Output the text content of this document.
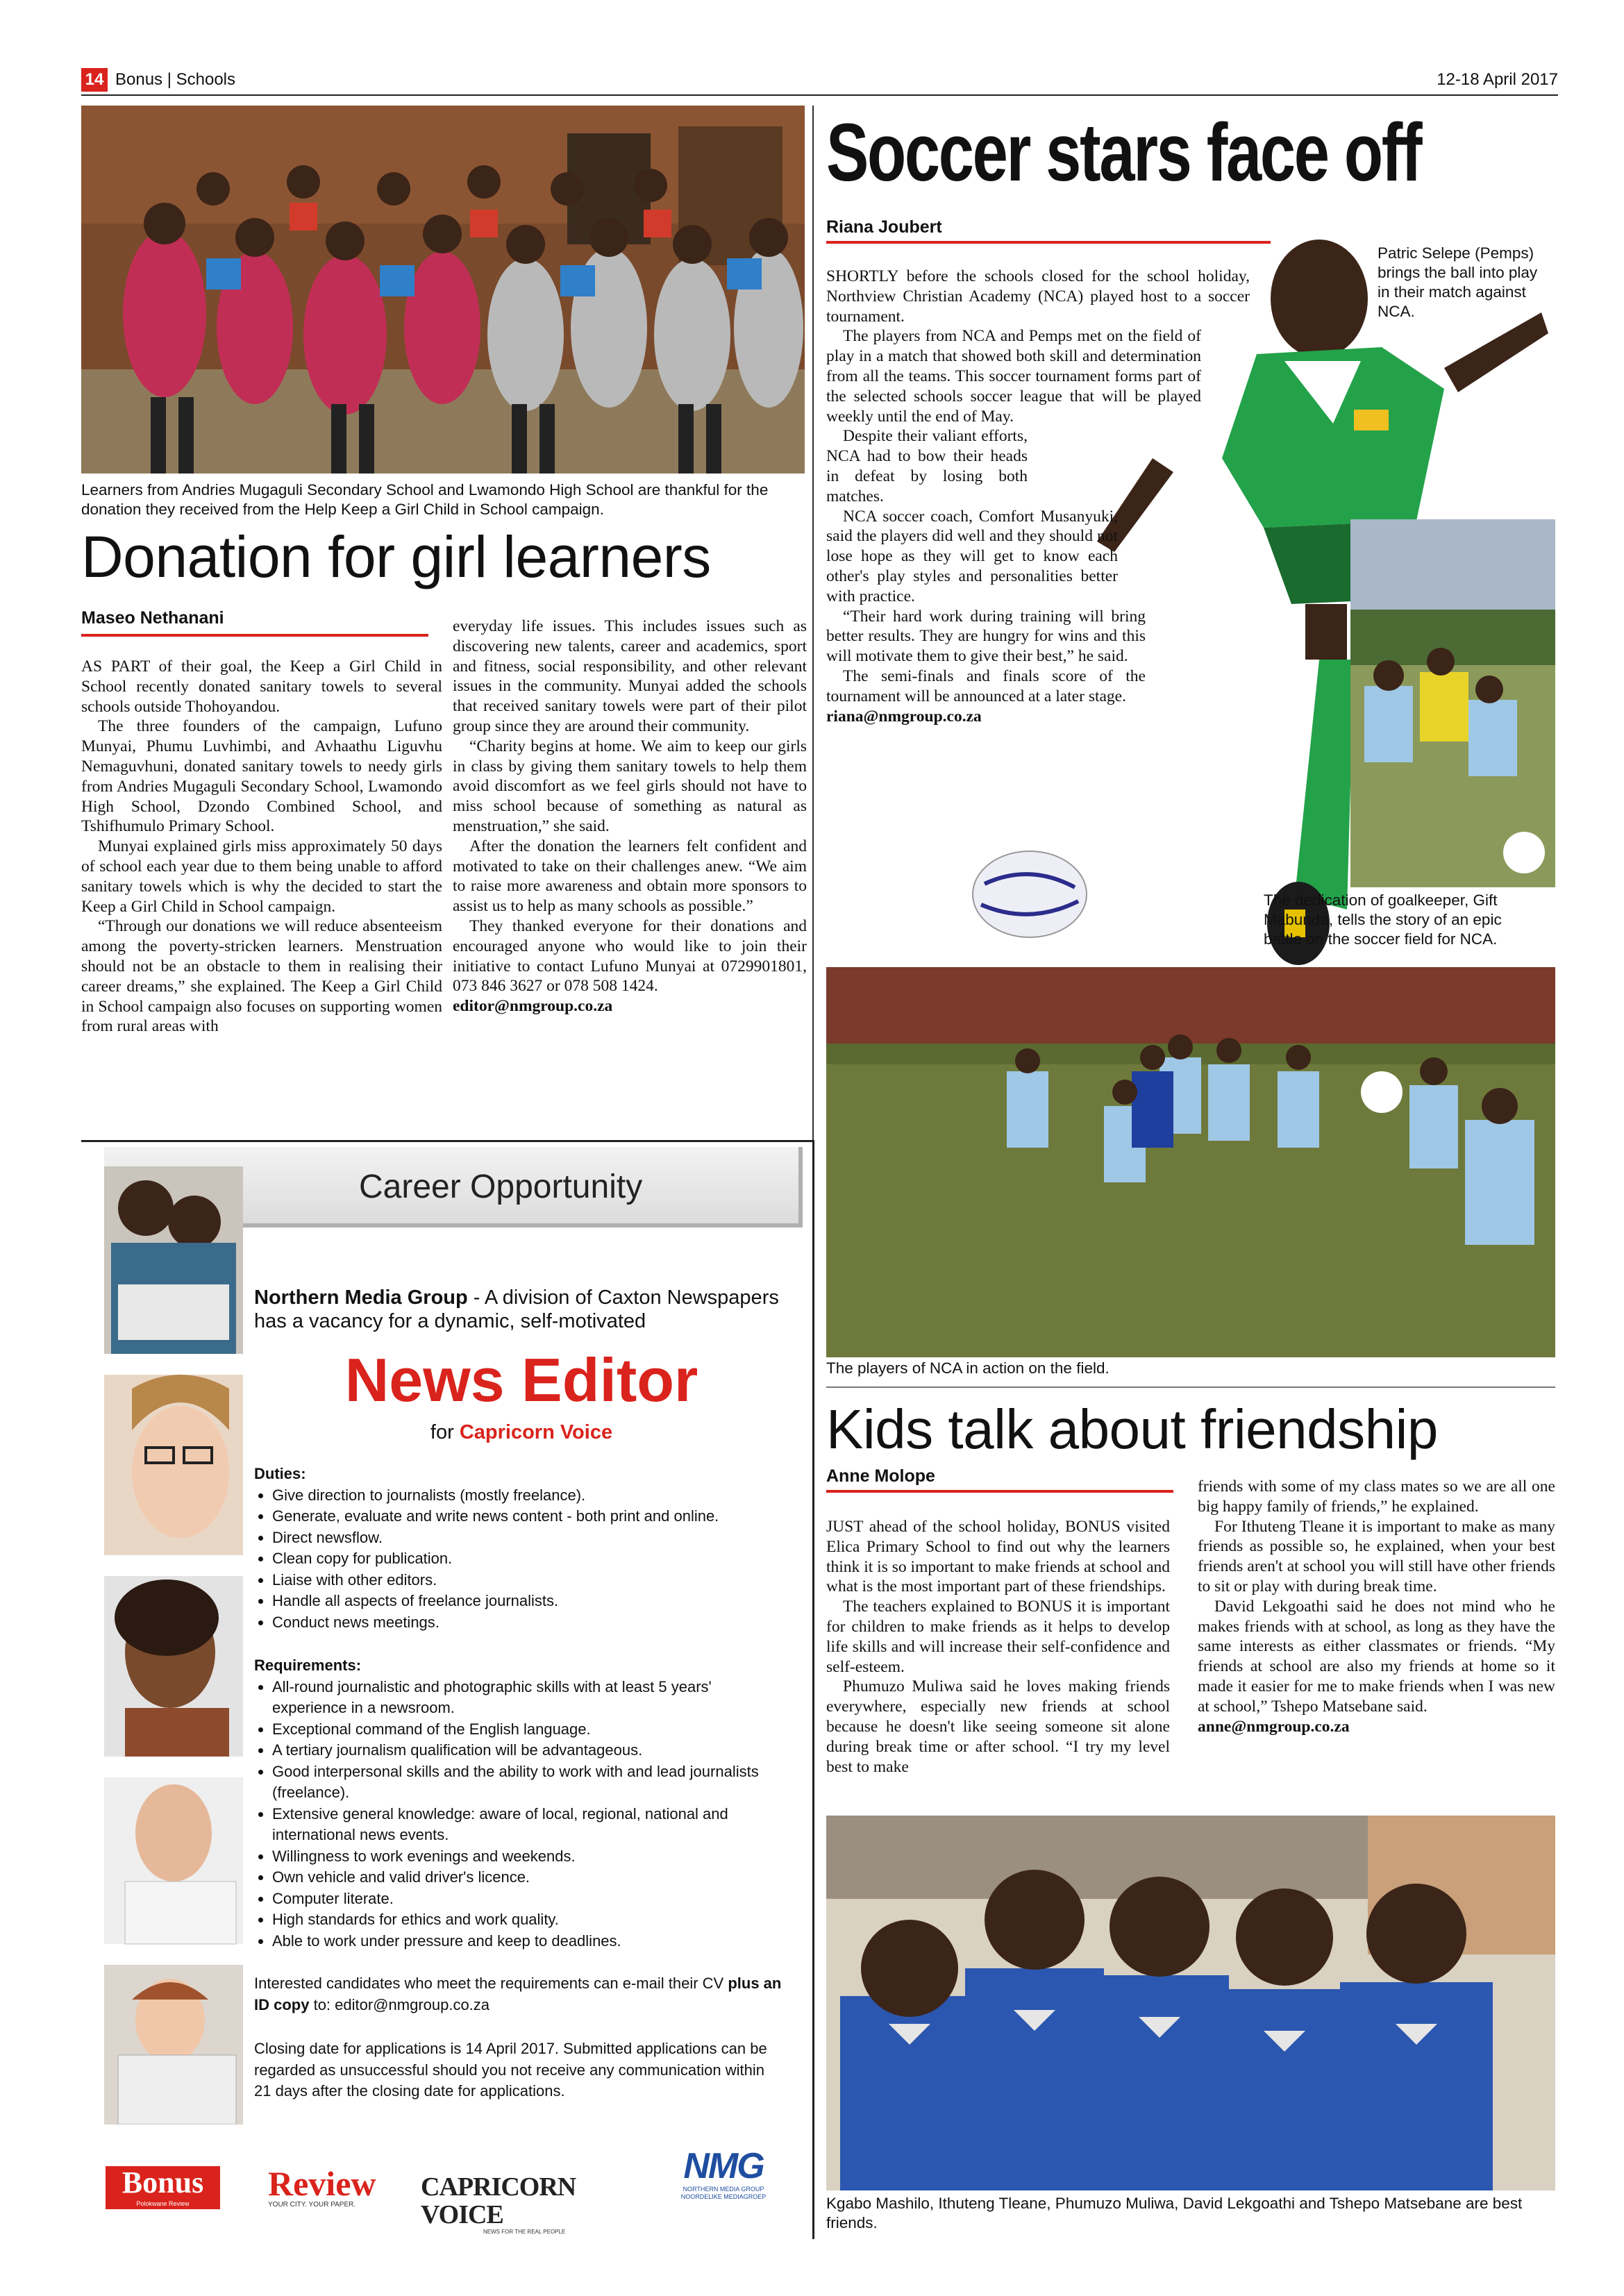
14 Bonus | Schools	12-18 April 2017
Learners from Andries Mugaguli Secondary School and Lwamondo High School are thankful for the donation they received from the Help Keep a Girl Child in School campaign.
Donation for girl learners
Maseo Nethanani

AS PART of their goal, the Keep a Girl Child in School recently donated sanitary towels to several schools outside Thohoyandou.

The three founders of the campaign, Lufuno Munyai, Phumu Luvhimbi, and Avhaathu Liguvhu Nemaguvhuni, donated sanitary towels to needy girls from Andries Mugaguli Secondary School, Lwamondo High School, Dzondo Combined School, and Tshifhumulo Primary School.

Munyai explained girls miss approximately 50 days of school each year due to them being unable to afford sanitary towels which is why the decided to start the Keep a Girl Child in School campaign.

“Through our donations we will reduce absenteeism among the poverty-stricken learners. Menstruation should not be an obstacle to them in realising their career dreams,” she explained. The Keep a Girl Child in School campaign also focuses on supporting women from rural areas with

everyday life issues. This includes issues such as discovering new talents, career and academics, sport and fitness, social responsibility, and other relevant issues in the community. Munyai added the schools that received sanitary towels were part of their pilot group since they are around their community.

“Charity begins at home. We aim to keep our girls in class by giving them sanitary towels to help them avoid discomfort as we feel girls should not have to miss school because of something as natural as menstruation,” she said.

After the donation the learners felt confident and motivated to take on their challenges anew. “We aim to raise more awareness and obtain more sponsors to assist us to help as many schools as possible.”

They thanked everyone for their donations and encouraged anyone who would like to join their initiative to contact Lufuno Munyai at 0729901801, 073 846 3627 or 078 508 1424.

editor@nmgroup.co.za

Soccer stars face off
Riana Joubert
Patric Selepe (Pemps) brings the ball into play in their match against NCA.
The dedication of goalkeeper, Gift Mabunda, tells the story of an epic battle on the soccer field for NCA.

SHORTLY before the schools closed for the school holiday, Northview Christian Academy (NCA) played host to a soccer tournament.

The players from NCA and Pemps met on the field of play in a match that showed both skill and determination from all the teams. This soccer tournament forms part of the selected schools soccer league that will be played weekly until the end of May.

Despite their valiant efforts, NCA had to bow their heads in defeat by losing both matches.

NCA soccer coach, Comfort Musanyuki, said the players did well and they should not lose hope as they will get to know each other's play styles and personalities better with practice.

“Their hard work during training will bring better results. They are hungry for wins and this will motivate them to give their best,” he said.

The semi-finals and finals score of the tournament will be announced at a later stage.

riana@nmgroup.co.za

The players of NCA in action on the field.
Kids talk about friendship
Anne Molope

JUST ahead of the school holiday, BONUS visited Elica Primary School to find out why the learners think it is so important to make friends at school and what is the most important part of these friendships.

The teachers explained to BONUS it is important for children to make friends as it helps to develop life skills and will increase their self-confidence and self-esteem.

Phumuzo Muliwa said he loves making friends everywhere, especially new friends at school because he doesn't like seeing someone sit alone during break time or after school. “I try my level best to make

friends with some of my class mates so we are all one big happy family of friends,” he explained.

For Ithuteng Tleane it is important to make as many friends as possible so, he explained, when your best friends aren't at school you will still have other friends to sit or play with during break time.

David Lekgoathi said he does not mind who he makes friends with at school, as long as they have the same interests as either classmates or friends. “My friends at school are also my friends at home so it made it easier for me to make friends when I was new at school,” Tshepo Matsebane said.

anne@nmgroup.co.za

Kgabo Mashilo, Ithuteng Tleane, Phumuzo Muliwa, David Lekgoathi and Tshepo Matsebane are best friends.
Career Opportunity
Northern Media Group - A division of Caxton Newspapers has a vacancy for a dynamic, self-motivated
News Editor
for Capricorn Voice
Duties:
• Give direction to journalists (mostly freelance).
• Generate, evaluate and write news content - both print and online.
• Direct newsflow.
• Clean copy for publication.
• Liaise with other editors.
• Handle all aspects of freelance journalists.
• Conduct news meetings.
Requirements:
• All-round journalistic and photographic skills with at least 5 years' experience in a newsroom.
• Exceptional command of the English language.
• A tertiary journalism qualification will be advantageous.
• Good interpersonal skills and the ability to work with and lead journalists (freelance).
• Extensive general knowledge: aware of local, regional, national and international news events.
• Willingness to work evenings and weekends.
• Own vehicle and valid driver's licence.
• Computer literate.
• High standards for ethics and work quality.
• Able to work under pressure and keep to deadlines.
Interested candidates who meet the requirements can e-mail their CV plus an ID copy to: editor@nmgroup.co.za
Closing date for applications is 14 April 2017. Submitted applications can be regarded as unsuccessful should you not receive any communication within 21 days after the closing date for applications.
Bonus
Polokwane Review
Review
YOUR CITY. YOUR PAPER.
CAPRICORN VOICE
NEWS FOR THE REAL PEOPLE
NMG
NORTHERN MEDIA GROUP
NOORDELIKE MEDIAGROEP
